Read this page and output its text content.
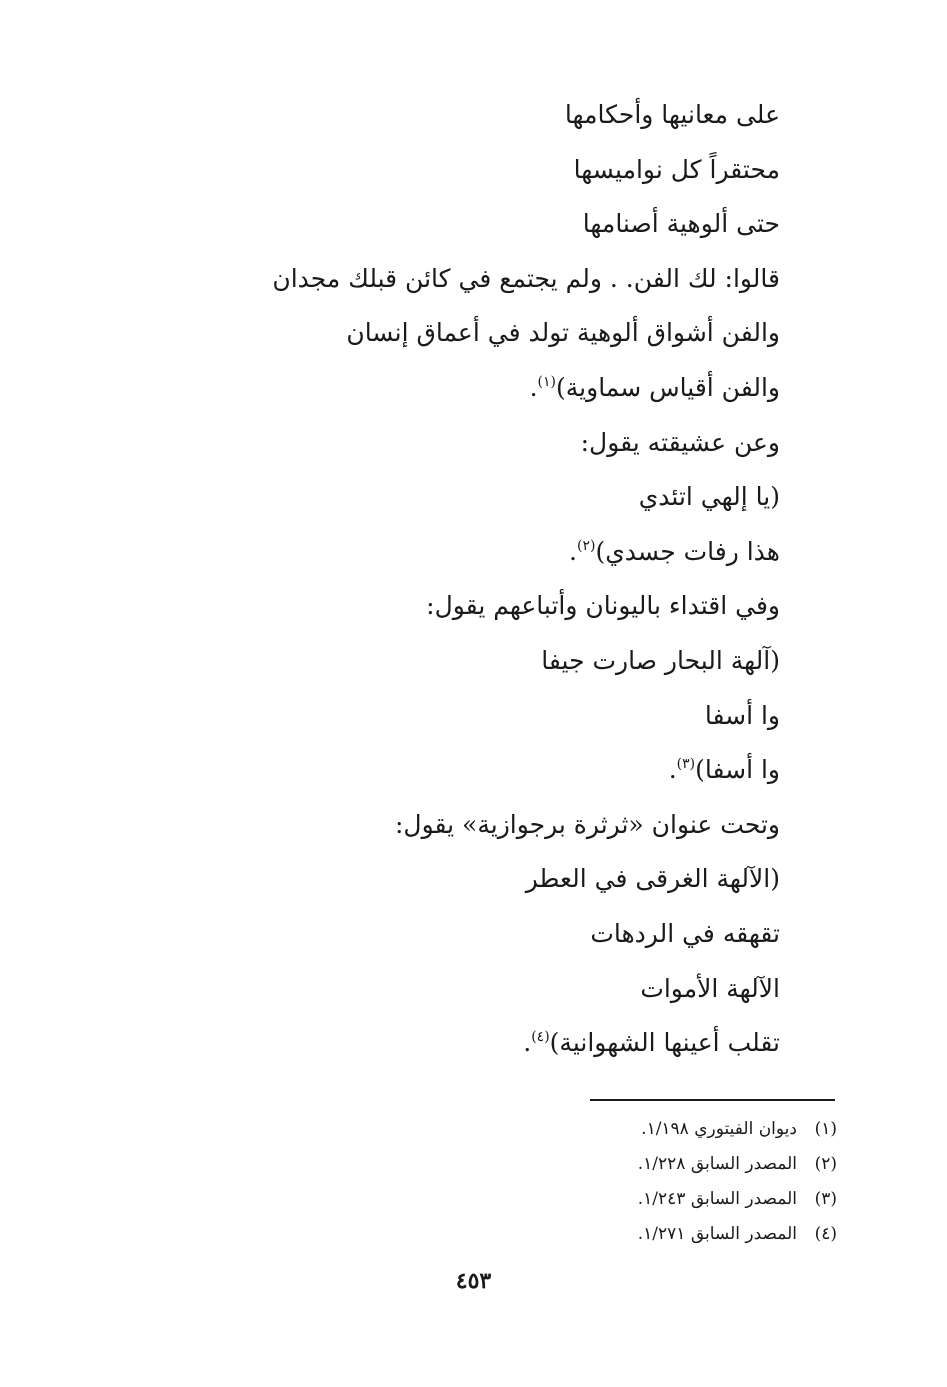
على معانيها وأحكامها
محتقراً كل نواميسها
حتى ألوهية أصنامها
قالوا: لك الفن. . ولم يجتمع في كائن قبلك مجدان
والفن أشواق ألوهية تولد في أعماق إنسان
والفن أقياس سماوية)$^{(١)}$.
وعن عشيقته يقول:
(يا إلهي اتئدي
هذا رفات جسدي)$^{(٢)}$.
وفي اقتداء باليونان وأتباعهم يقول:
(آلهة البحار صارت جيفا
وا أسفا
وا أسفا)$^{(٣)}$.
وتحت عنوان «ثرثرة برجوازية» يقول:
(الآلهة الغرقى في العطر
تقهقه في الردهات
الآلهة الأموات
تقلب أعينها الشهوانية)$^{(٤)}$.
(١)ديوان الفيتوري ١/١٩٨.
(٢)المصدر السابق ١/٢٢٨.
(٣)المصدر السابق ١/٢٤٣.
(٤)المصدر السابق ١/٢٧١.
٤٥٣
